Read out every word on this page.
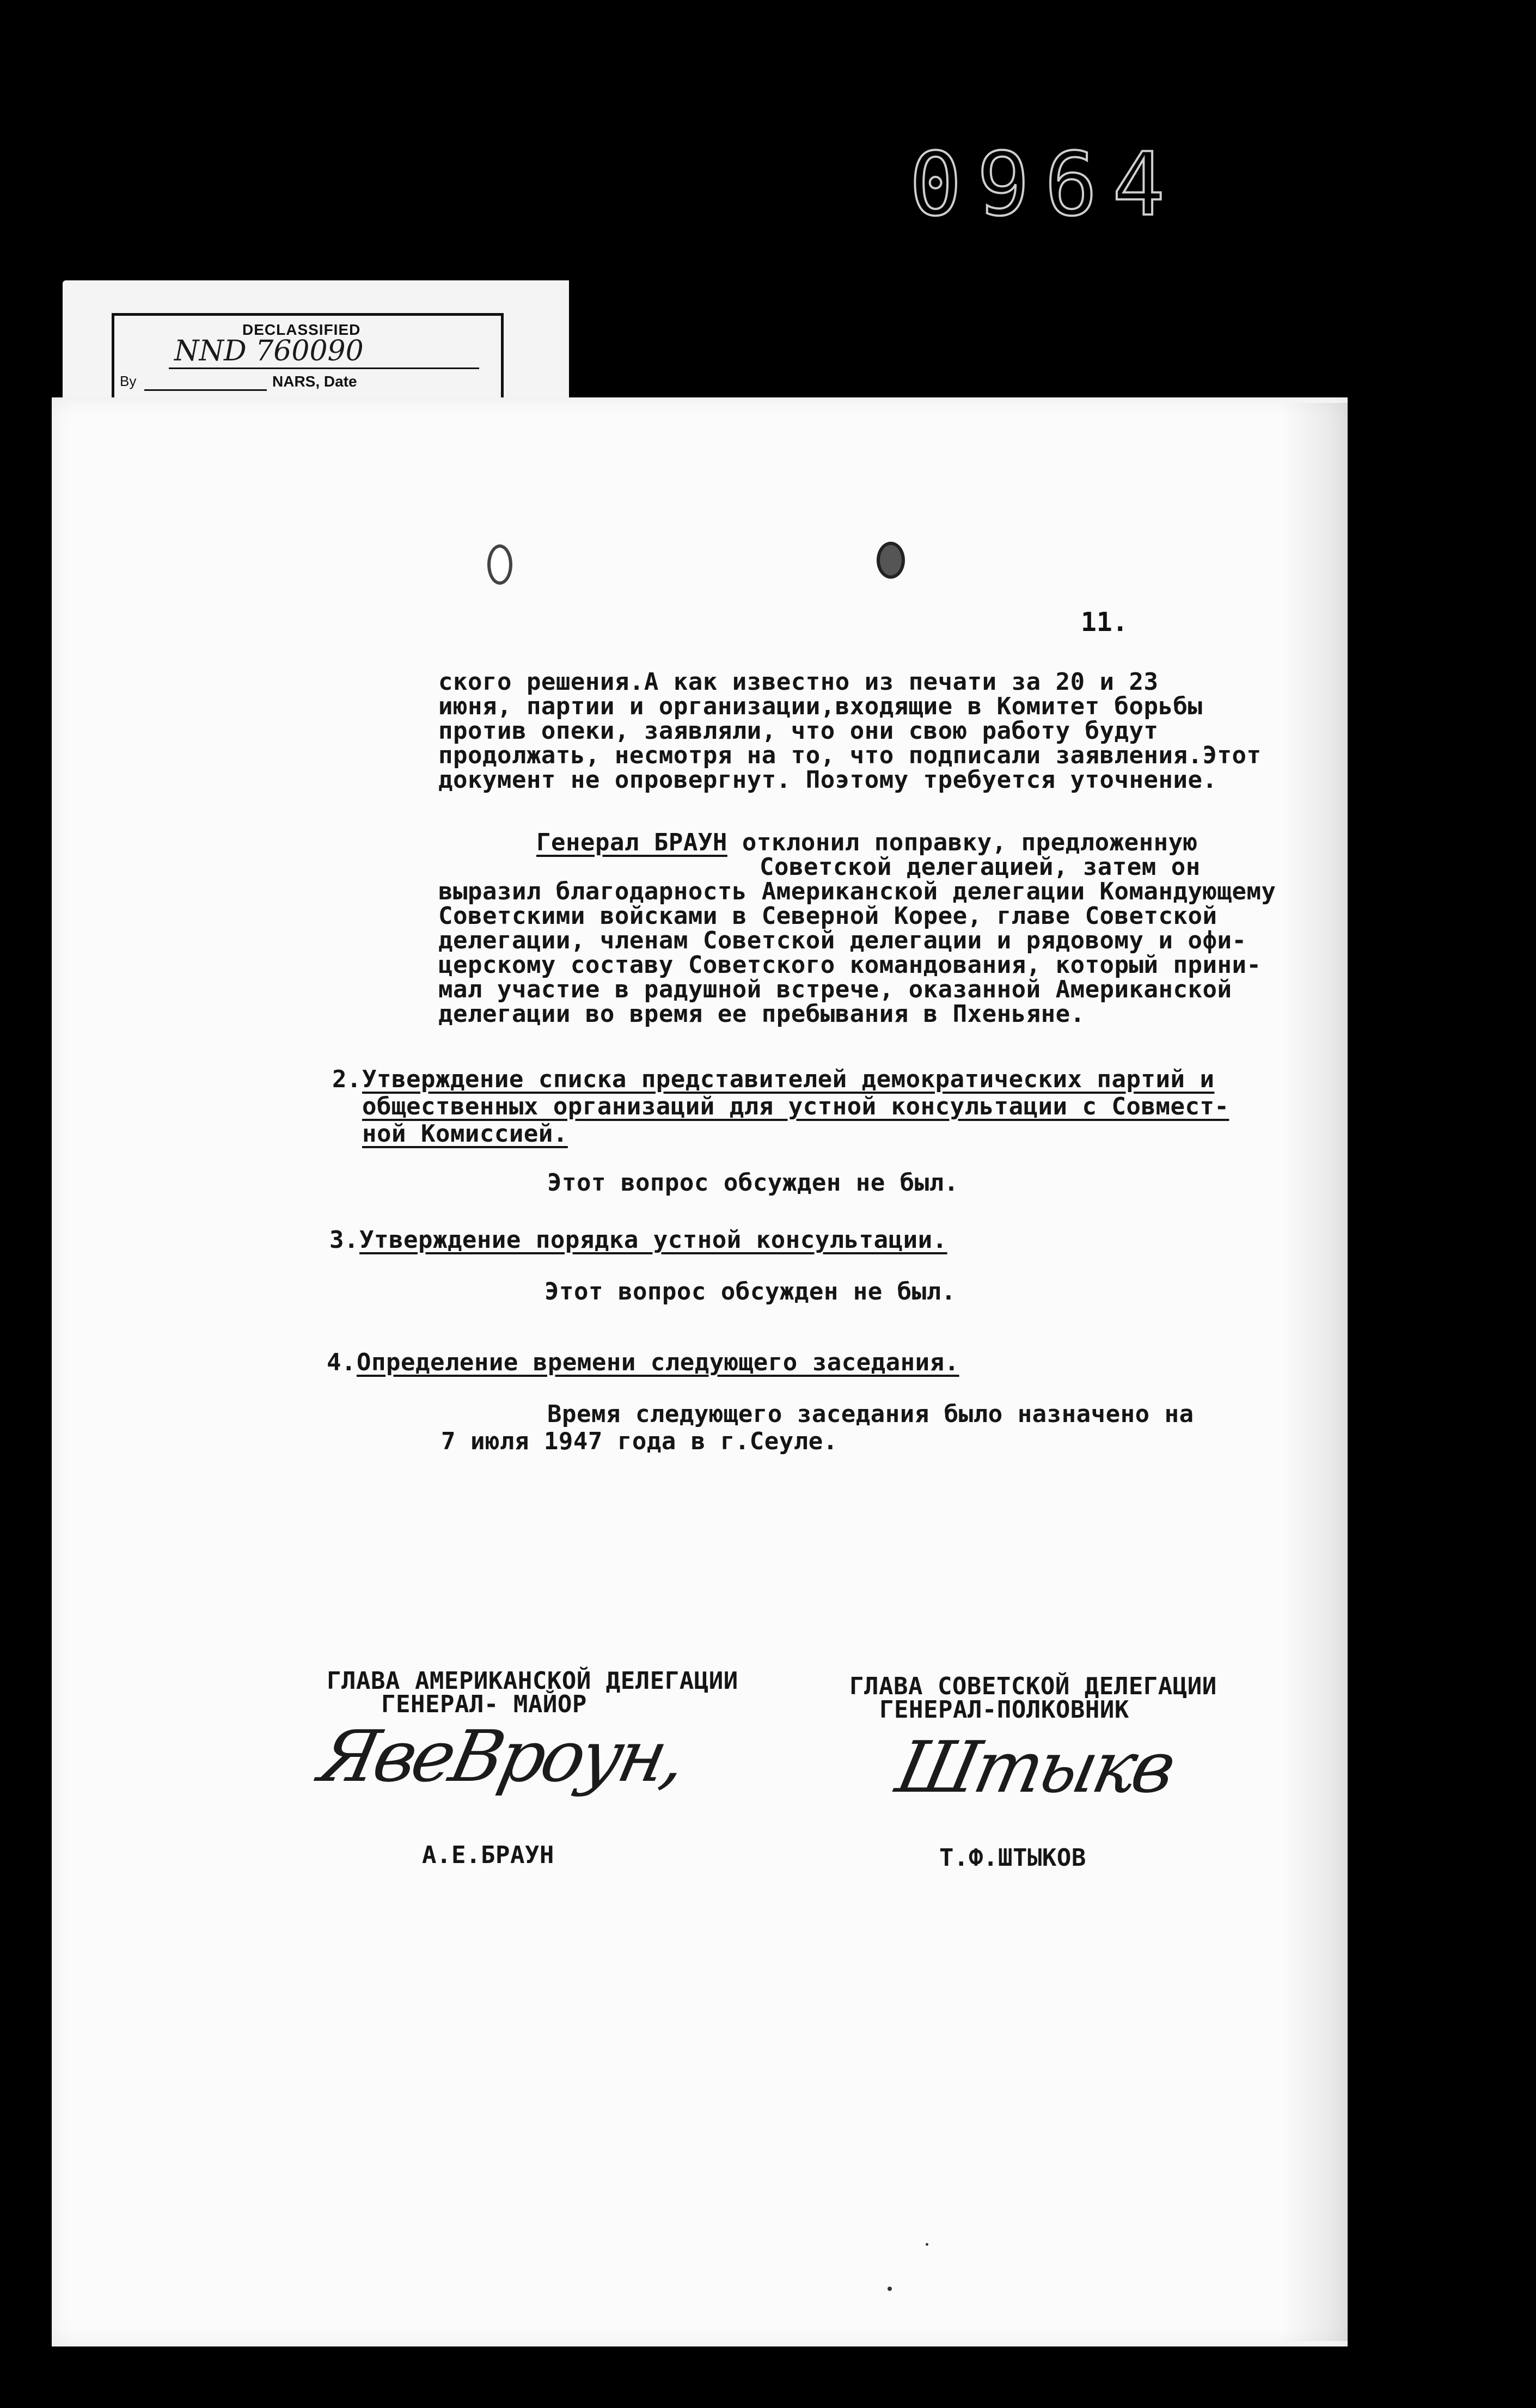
0964
DECLASSIFIED
NND 760090
By	NARS, Date
11.
ского решения.А как известно из печати за 20 и 23
июня, партии и организации,входящие в Комитет борьбы
против опеки, заявляли, что они свою работу будут
продолжать, несмотря на то, что подписали заявления.Этот
документ не опровергнут. Поэтому требуется уточнение.
Генерал БРАУН отклонил поправку, предложенную
Советской делегацией, затем он
выразил благодарность Американской делегации Командующему
Советскими войсками в Северной Корее, главе Советской
делегации, членам Советской делегации и рядовому и офи-
церскому составу Советского командования, который прини-
мал участие в радушной встрече, оказанной Американской
делегации во время ее пребывания в Пхеньяне.
2. Утверждение списка представителей демократических партий и
общественных организаций для устной консультации с Совмест-
ной Комиссией.
Этот вопрос обсужден не был.
3. Утверждение порядка устной консультации.
Этот вопрос обсужден не был.
4. Определение времени следующего заседания.
Время следующего заседания было назначено на
7 июля 1947 года в г.Сеуле.
ГЛАВА АМЕРИКАНСКОЙ ДЕЛЕГАЦИИ
ГЕНЕРАЛ- МАЙОР
ЯвеВроун,
А.Е.БРАУН
ГЛАВА СОВЕТСКОЙ ДЕЛЕГАЦИИ
ГЕНЕРАЛ-ПОЛКОВНИК
Штыкв
Т.Ф.ШТЫКОВ
